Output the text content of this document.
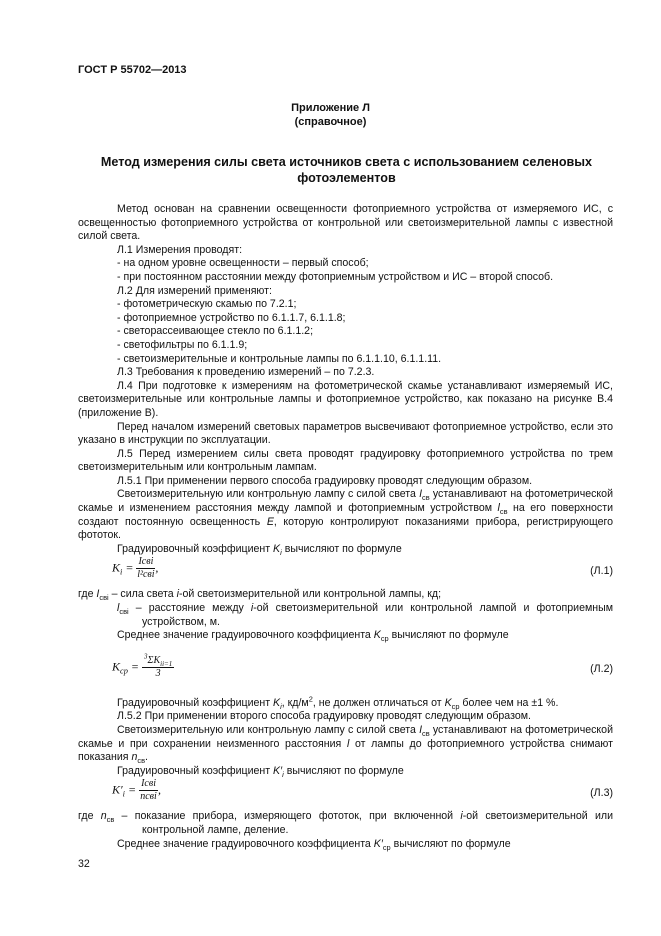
ГОСТ Р 55702—2013
Приложение Л
(справочное)
Метод измерения силы света источников света с использованием селеновых фотоэлементов

Метод основан на сравнении освещенности фотоприемного устройства от измеряемого ИС, с освещенностью фотоприемного устройства от контрольной или светоизмерительной лампы с известной силой света.

Л.1 Измерения проводят:

- на одном уровне освещенности – первый способ;

- при постоянном расстоянии между фотоприемным устройством и ИС – второй способ.

Л.2 Для измерений применяют:

- фотометрическую скамью по 7.2.1;

- фотоприемное устройство по 6.1.1.7, 6.1.1.8;

- светорассеивающее стекло по 6.1.1.2;

- светофильтры по 6.1.1.9;

- светоизмерительные и контрольные лампы по 6.1.1.10, 6.1.1.11.

Л.3 Требования к проведению измерений – по 7.2.3.

Л.4 При подготовке к измерениям на фотометрической скамье устанавливают измеряемый ИС, светоизмерительные или контрольные лампы и фотоприемное устройство, как показано на рисунке В.4 (приложение В).

Перед началом измерений световых параметров высвечивают фотоприемное устройство, если это указано в инструкции по эксплуатации.

Л.5 Перед измерением силы света проводят градуировку фотоприемного устройства по трем светоизмерительным или контрольным лампам.

Л.5.1 При применении первого способа градуировку проводят следующим образом.

Светоизмерительную или контрольную лампу с силой света $I_{св}$ устанавливают на фотометрической скамье и изменением расстояния между лампой и фотоприемным устройством $l_{св}$ на его поверхности создают постоянную освещенность E, которую контролируют показаниями прибора, регистрирующего фототок.

Градуировочный коэффициент $K_i$ вычисляют по формуле

$K_i = \frac{\text{Iсвi}}{\text{l²свi}}$ ,	(Л.1)

где $I_{свi}$ – сила света i-ой светоизмерительной или контрольной лампы, кд;

$l_{свi}$ – расстояние между i-ой светоизмерительной или контрольной лампой и фотоприемным устройством, м.

Среднее значение градуировочного коэффициента $K_{ср}$ вычисляют по формуле

$K_{ср} = \frac{^3\Sigma K_{ii=1}}{3}$	(Л.2)

Градуировочный коэффициент $K_i$, $кд/м^2$, не должен отличаться от $K_{ср}$ более чем на ±1 %.

Л.5.2 При применении второго способа градуировку проводят следующим образом.

Светоизмерительную или контрольную лампу с силой света $I_{св}$ устанавливают на фотометрической скамье и при сохранении неизменного расстояния l от лампы до фотоприемного устройства снимают показания $n_{св}$.

Градуировочный коэффициент $K'_i$ вычисляют по формуле

$K'_i = \frac{\text{Iсвi}}{\text{nсвi}}$ ,	(Л.3)

где $n_{св}$ – показание прибора, измеряющего фототок, при включенной i-ой светоизмерительной или контрольной лампе, деление.

Среднее значение градуировочного коэффициента $K'_{ср}$ вычисляют по формуле

32
